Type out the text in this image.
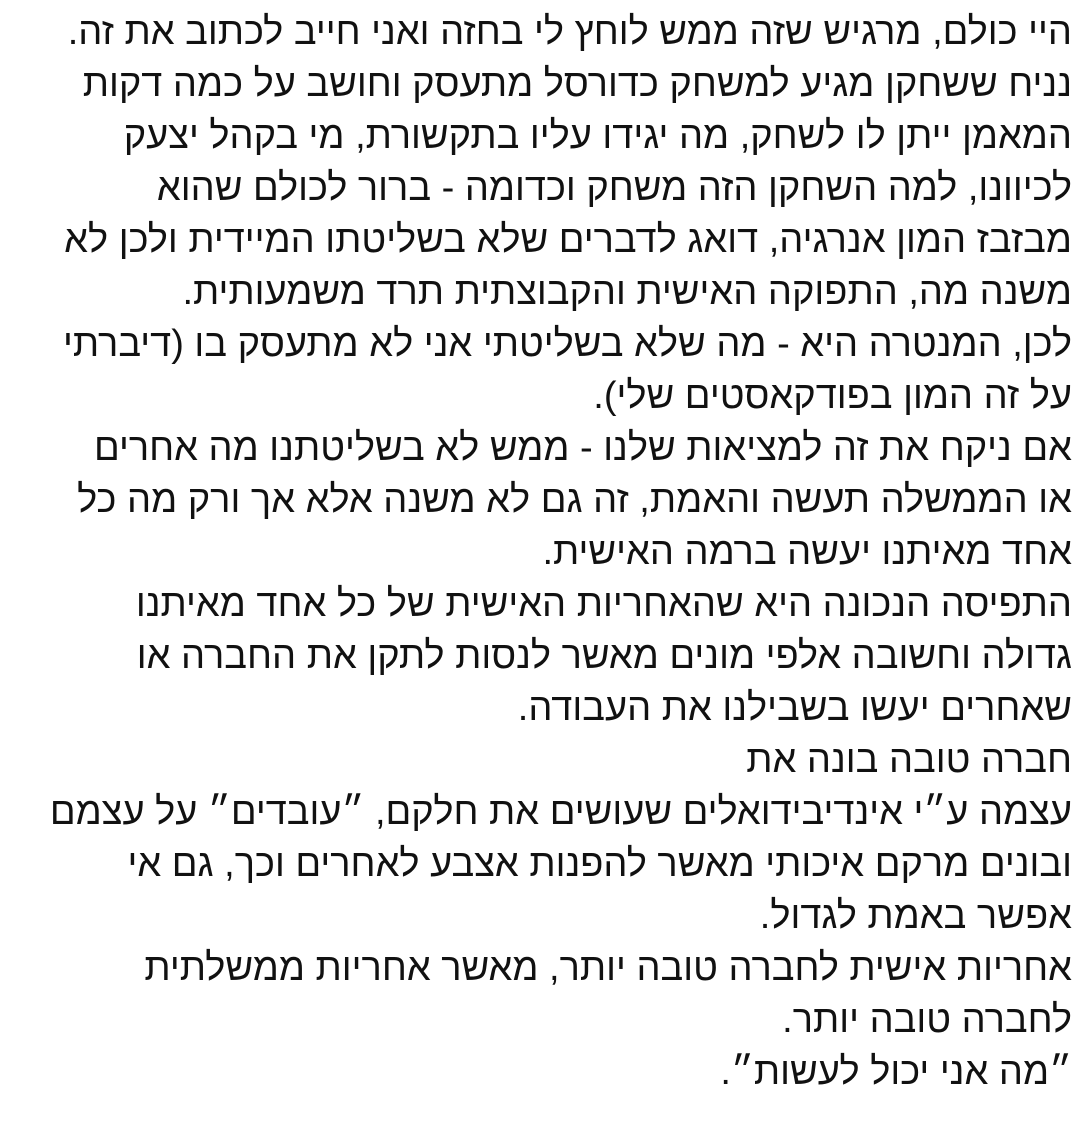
היי כולם, מרגיש שזה ממש לוחץ לי בחזה ואני חייב לכתוב את זה.
נניח ששחקן מגיע למשחק כדורסל מתעסק וחושב על כמה דקות
המאמן ייתן לו לשחק, מה יגידו עליו בתקשורת, מי בקהל יצעק
לכיוונו, למה השחקן הזה משחק וכדומה - ברור לכולם שהוא
מבזבז המון אנרגיה, דואג לדברים שלא בשליטתו המיידית ולכן לא
משנה מה, התפוקה האישית והקבוצתית תרד משמעותית.
לכן, המנטרה היא - מה שלא בשליטתי אני לא מתעסק בו (דיברתי
על זה המון בפודקאסטים שלי).
אם ניקח את זה למציאות שלנו - ממש לא בשליטתנו מה אחרים
או הממשלה תעשה והאמת, זה גם לא משנה אלא אך ורק מה כל
אחד מאיתנו יעשה ברמה האישית.
התפיסה הנכונה היא שהאחריות האישית של כל אחד מאיתנו
גדולה וחשובה אלפי מונים מאשר לנסות לתקן את החברה או
שאחרים יעשו בשבילנו את העבודה.
חברה טובה בונה את
עצמה ע״י אינדיבידואלים שעושים את חלקם, ״עובדים״ על עצמם
ובונים מרקם איכותי מאשר להפנות אצבע לאחרים וכך, גם אי
אפשר באמת לגדול.
אחריות אישית לחברה טובה יותר, מאשר אחריות ממשלתית
לחברה טובה יותר.
״מה אני יכול לעשות״.
